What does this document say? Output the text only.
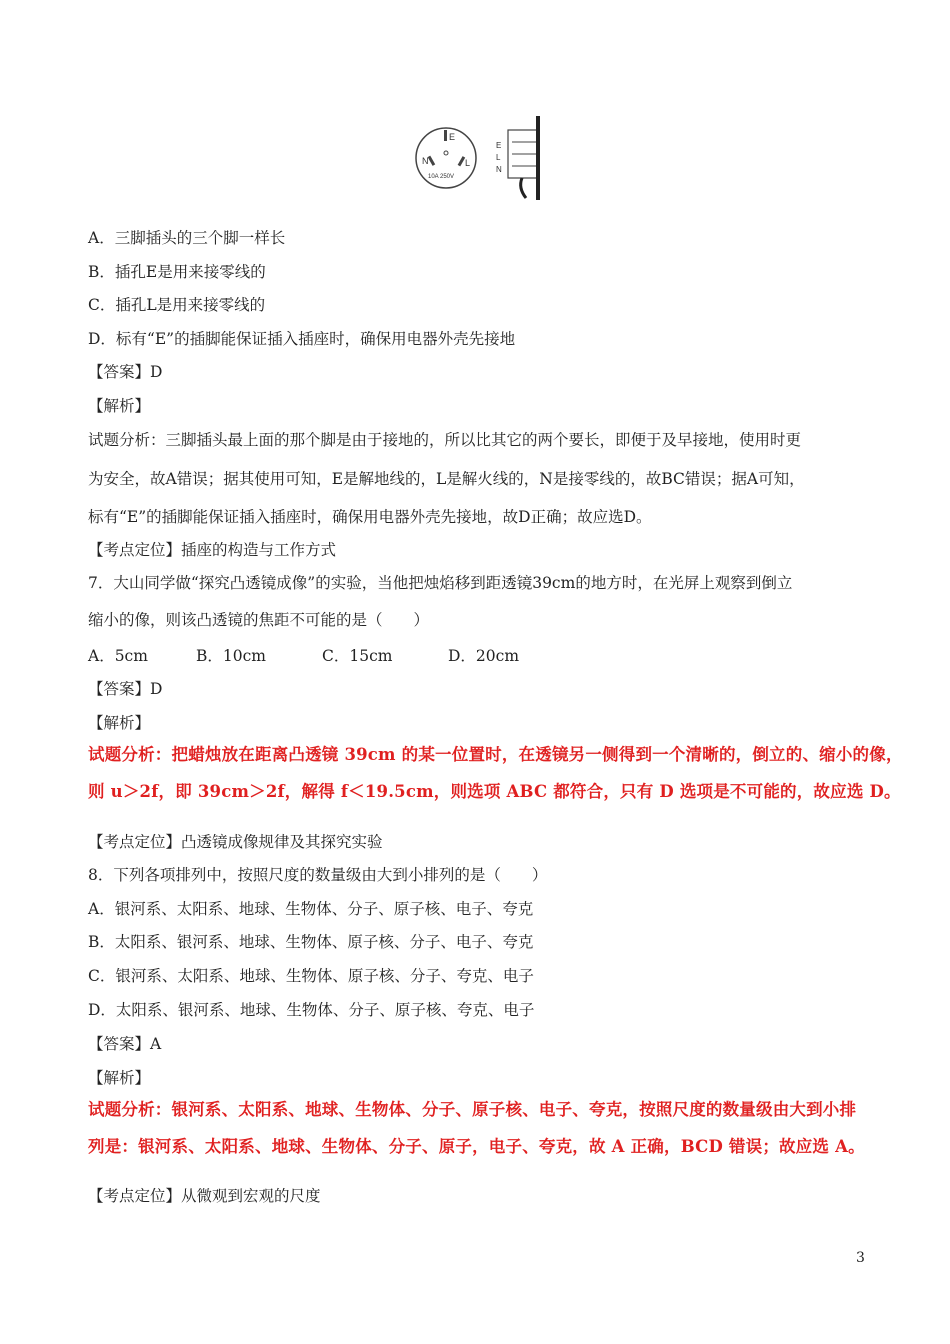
E
N	L
10A 250V
E
L
N
A．三脚插头的三个脚一样长
B．插孔E是用来接零线的
C．插孔L是用来接零线的
D．标有“E”的插脚能保证插入插座时，确保用电器外壳先接地
【答案】D
【解析】
试题分析：三脚插头最上面的那个脚是由于接地的，所以比其它的两个要长，即便于及早接地，使用时更
为安全，故A错误；据其使用可知，E是解地线的，L是解火线的，N是接零线的，故BC错误；据A可知，
标有“E”的插脚能保证插入插座时，确保用电器外壳先接地，故D正确；故应选D。
【考点定位】插座的构造与工作方式
7．大山同学做“探究凸透镜成像”的实验，当他把烛焰移到距透镜39cm的地方时，在光屏上观察到倒立
缩小的像，则该凸透镜的焦距不可能的是（　　）
A．5cm	B．10cm	C．15cm	D．20cm
【答案】D
【解析】
试题分析：把蜡烛放在距离凸透镜 39cm 的某一位置时，在透镜另一侧得到一个清晰的，倒立的、缩小的像，
则 u＞2f，即 39cm＞2f，解得 f＜19.5cm，则选项 ABC 都符合，只有 D 选项是不可能的，故应选 D。
【考点定位】凸透镜成像规律及其探究实验
8．下列各项排列中，按照尺度的数量级由大到小排列的是（　　）
A．银河系、太阳系、地球、生物体、分子、原子核、电子、夸克
B．太阳系、银河系、地球、生物体、原子核、分子、电子、夸克
C．银河系、太阳系、地球、生物体、原子核、分子、夸克、电子
D．太阳系、银河系、地球、生物体、分子、原子核、夸克、电子
【答案】A
【解析】
试题分析：银河系、太阳系、地球、生物体、分子、原子核、电子、夸克，按照尺度的数量级由大到小排
列是：银河系、太阳系、地球、生物体、分子、原子，电子、夸克，故 A 正确，BCD 错误；故应选 A。
【考点定位】从微观到宏观的尺度
3
